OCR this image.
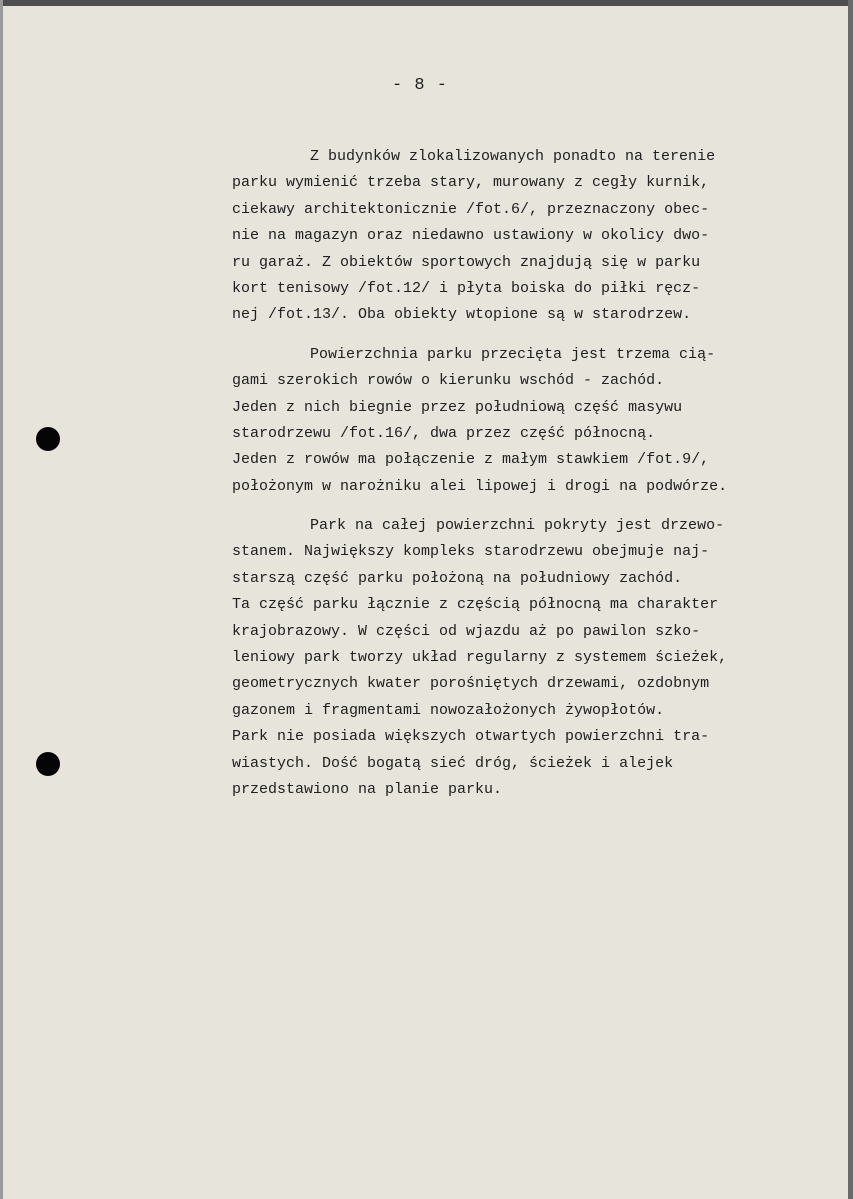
- 8 -
Z budynków zlokalizowanych ponadto na terenie
parku wymienić trzeba stary, murowany z cegły kurnik,
ciekawy architektonicznie /fot.6/, przeznaczony obec-
nie na magazyn oraz niedawno ustawiony w okolicy dwo-
ru garaż. Z obiektów sportowych znajdują się w parku
kort tenisowy /fot.12/ i płyta boiska do piłki ręcz-
nej /fot.13/. Oba obiekty wtopione są w starodrzew.
Powierzchnia parku przecięta jest trzema cią-
gami szerokich rowów o kierunku wschód - zachód.
Jeden z nich biegnie przez południową część masywu
starodrzewu /fot.16/, dwa przez część północną.
Jeden z rowów ma połączenie z małym stawkiem /fot.9/,
położonym w narożniku alei lipowej i drogi na podwórze.
Park na całej powierzchni pokryty jest drzewo-
stanem. Największy kompleks starodrzewu obejmuje naj-
starszą część parku położoną na południowy zachód.
Ta część parku łącznie z częścią północną ma charakter
krajobrazowy. W części od wjazdu aż po pawilon szko-
leniowy park tworzy układ regularny z systemem ścieżek,
geometrycznych kwater porośniętych drzewami, ozdobnym
gazonem i fragmentami nowozałożonych żywopłotów.
Park nie posiada większych otwartych powierzchni tra-
wiastych. Dość bogatą sieć dróg, ścieżek i alejek
przedstawiono na planie parku.
